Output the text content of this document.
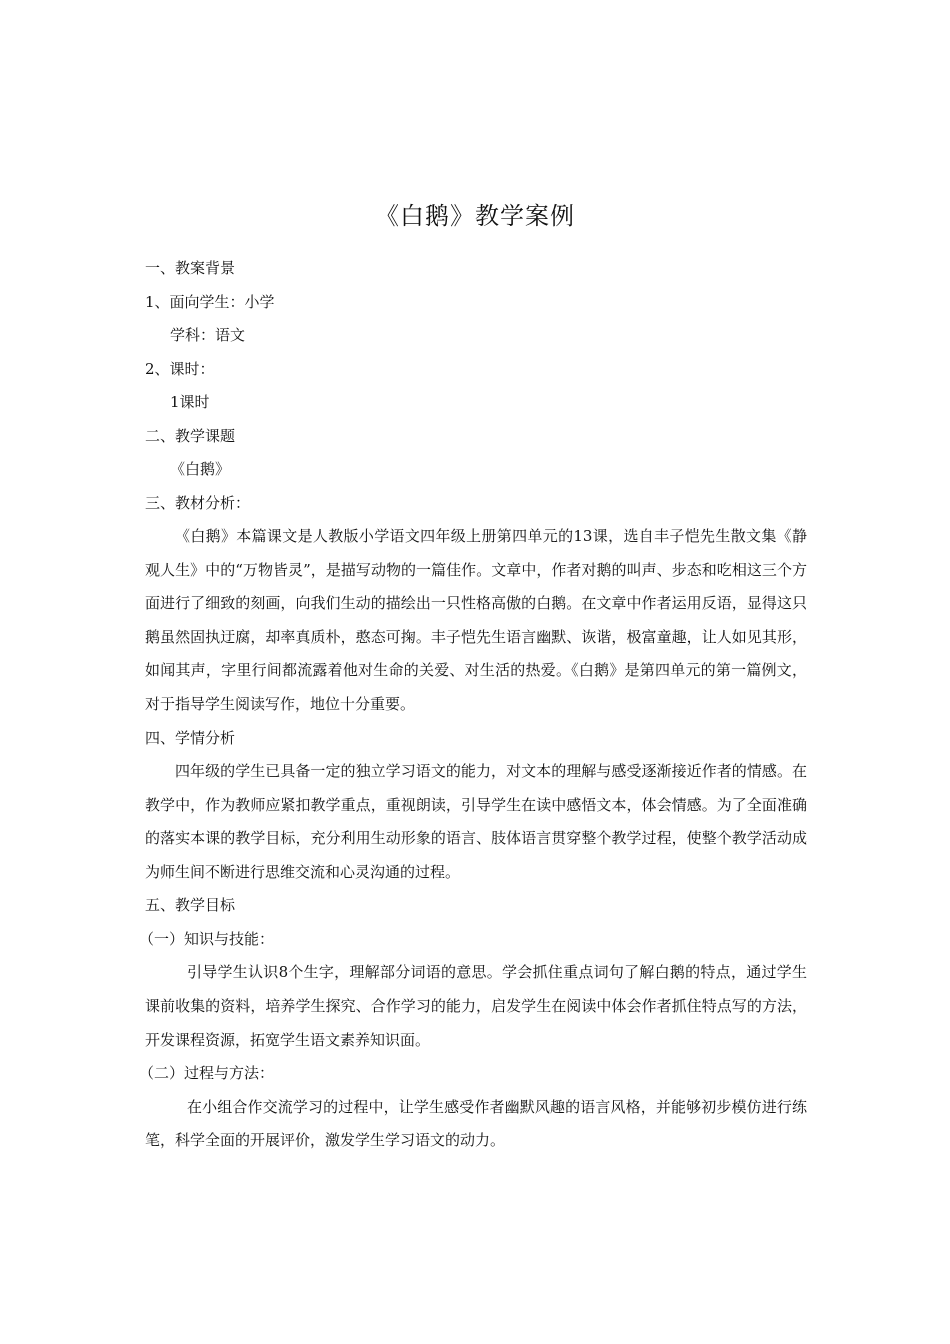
《白鹅》教学案例
一、教案背景
1、面向学生：小学
学科：语文
2、课时：
1课时
二、教学课题
《白鹅》
三、教材分析：

《白鹅》本篇课文是人教版小学语文四年级上册第四单元的13课，选自丰子恺先生散文集《静观人生》中的“万物皆灵”，是描写动物的一篇佳作。文章中，作者对鹅的叫声、步态和吃相这三个方面进行了细致的刻画，向我们生动的描绘出一只性格高傲的白鹅。在文章中作者运用反语，显得这只鹅虽然固执迂腐，却率真质朴，憨态可掬。丰子恺先生语言幽默、诙谐，极富童趣，让人如见其形，如闻其声，字里行间都流露着他对生命的关爱、对生活的热爱。《白鹅》是第四单元的第一篇例文，对于指导学生阅读写作，地位十分重要。

四、学情分析

四年级的学生已具备一定的独立学习语文的能力，对文本的理解与感受逐渐接近作者的情感。在教学中，作为教师应紧扣教学重点，重视朗读，引导学生在读中感悟文本，体会情感。为了全面准确的落实本课的教学目标，充分利用生动形象的语言、肢体语言贯穿整个教学过程，使整个教学活动成为师生间不断进行思维交流和心灵沟通的过程。

五、教学目标
（一）知识与技能：

引导学生认识8个生字，理解部分词语的意思。学会抓住重点词句了解白鹅的特点，通过学生课前收集的资料，培养学生探究、合作学习的能力，启发学生在阅读中体会作者抓住特点写的方法，开发课程资源，拓宽学生语文素养知识面。

（二）过程与方法：

在小组合作交流学习的过程中，让学生感受作者幽默风趣的语言风格，并能够初步模仿进行练笔，科学全面的开展评价，激发学生学习语文的动力。
